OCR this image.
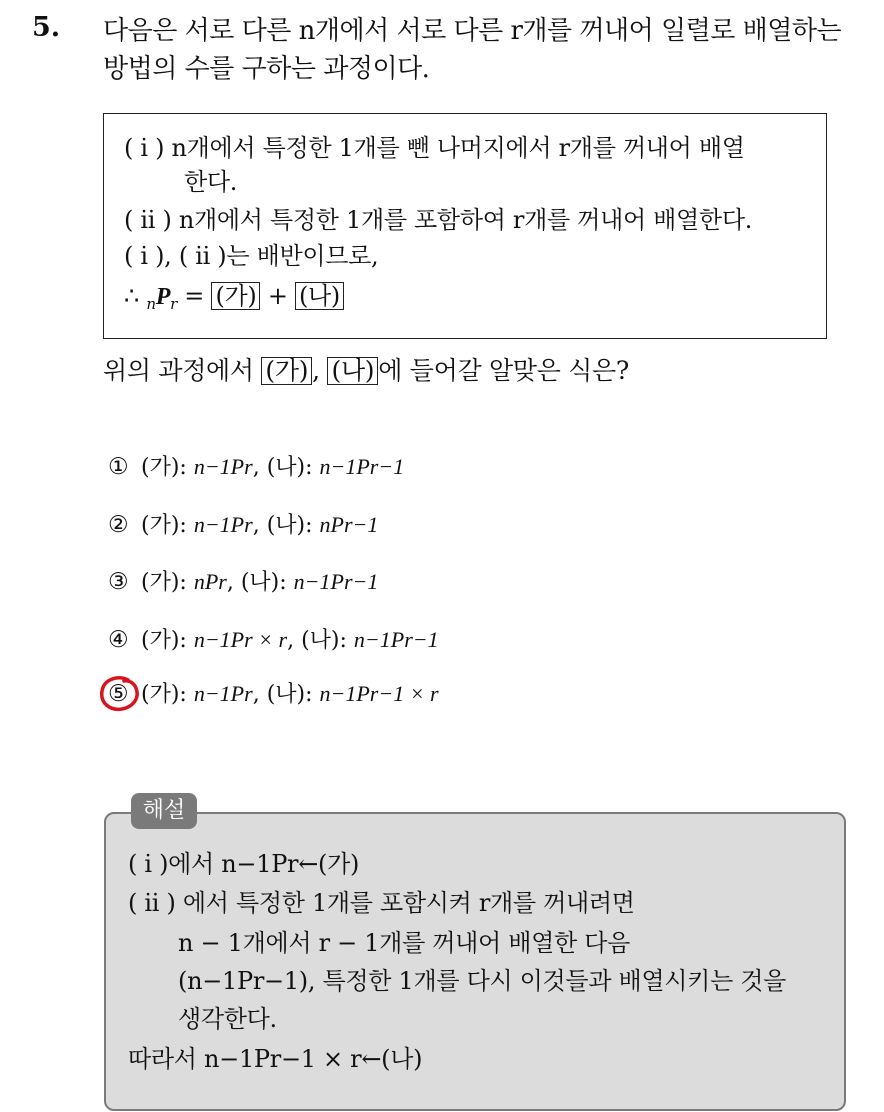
5. 다음은 서로 다른 n개에서 서로 다른 r개를 꺼내어 일렬로 배열하는
방법의 수를 구하는 과정이다.
( i ) n개에서 특정한 1개를 뺀 나머지에서 r개를 꺼내어 배열
한다.
( ii ) n개에서 특정한 1개를 포함하여 r개를 꺼내어 배열한다.
( i ), ( ii )는 배반이므로,
∴ $_nP_r$ = (가) + (나)
위의 과정에서 (가) , (나) 에 들어갈 알맞은 식은?
① (가): n−1Pr, (나): n−1Pr−1
② (가): n−1Pr, (나): nPr−1
③ (가): nPr, (나): n−1Pr−1
④ (가): n−1Pr × r, (나): n−1Pr−1
⑤ (가): n−1Pr, (나): n−1Pr−1 × r
( i )에서 n−1Pr←(가)
( ii ) 에서 특정한 1개를 포함시켜 r개를 꺼내려면
n − 1개에서 r − 1개를 꺼내어 배열한 다음
(n−1Pr−1), 특정한 1개를 다시 이것들과 배열시키는 것을
생각한다.
따라서 n−1Pr−1 × r←(나)
해설
